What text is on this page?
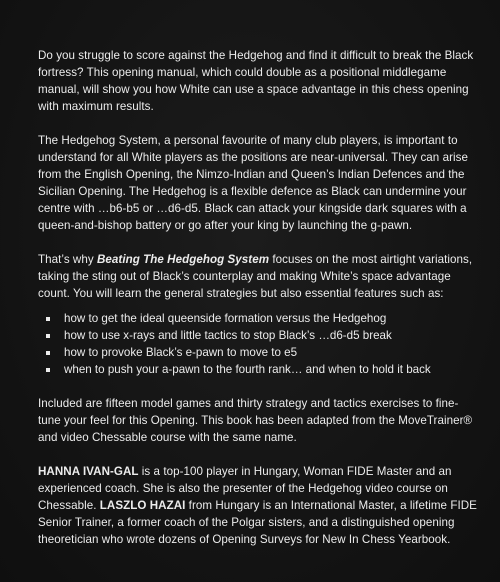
Do you struggle to score against the Hedgehog and find it difficult to break the Black fortress? This opening manual, which could double as a positional middlegame manual, will show you how White can use a space advantage in this chess opening with maximum results.

The Hedgehog System, a personal favourite of many club players, is important to understand for all White players as the positions are near-universal. They can arise from the English Opening, the Nimzo-Indian and Queen’s Indian Defences and the Sicilian Opening. The Hedgehog is a flexible defence as Black can undermine your centre with …b6-b5 or …d6-d5. Black can attack your kingside dark squares with a queen-and-bishop battery or go after your king by launching the g-pawn.

That’s why Beating The Hedgehog System focuses on the most airtight variations, taking the sting out of Black’s counterplay and making White’s space advantage count. You will learn the general strategies but also essential features such as:

how to get the ideal queenside formation versus the Hedgehog
how to use x-rays and little tactics to stop Black’s …d6-d5 break
how to provoke Black’s e-pawn to move to e5
when to push your a-pawn to the fourth rank… and when to hold it back

Included are fifteen model games and thirty strategy and tactics exercises to fine-tune your feel for this Opening. This book has been adapted from the MoveTrainer® and video Chessable course with the same name.

HANNA IVAN-GAL is a top-100 player in Hungary, Woman FIDE Master and an experienced coach. She is also the presenter of the Hedgehog video course on Chessable. LASZLO HAZAI from Hungary is an International Master, a lifetime FIDE Senior Trainer, a former coach of the Polgar sisters, and a distinguished opening theoretician who wrote dozens of Opening Surveys for New In Chess Yearbook.
